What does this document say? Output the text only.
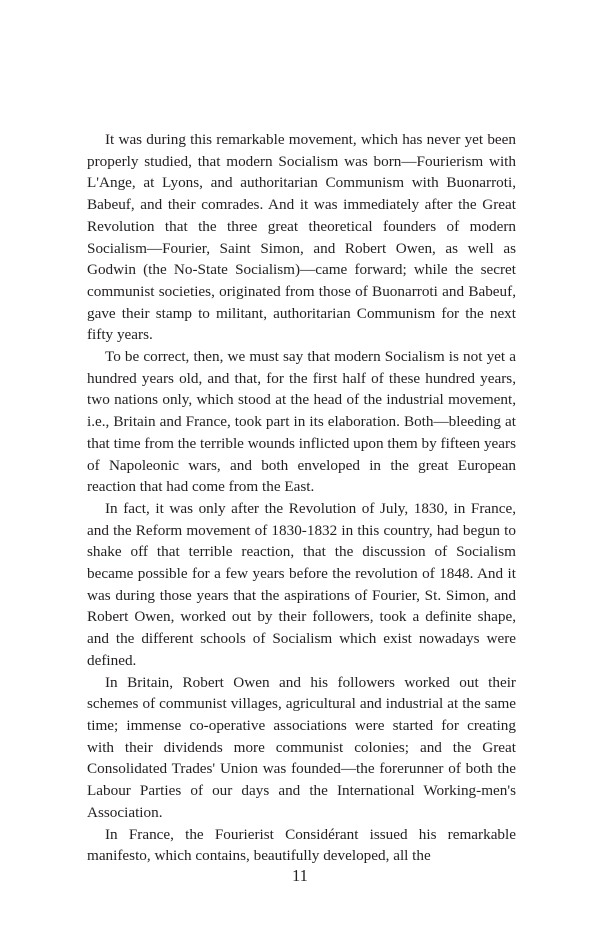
It was during this remarkable movement, which has never yet been properly studied, that modern Socialism was born—Fourierism with L'Ange, at Lyons, and authoritarian Communism with Buonarroti, Babeuf, and their comrades. And it was immediately after the Great Revolution that the three great theoretical founders of modern Socialism—Fourier, Saint Simon, and Robert Owen, as well as Godwin (the No-State Socialism)—came forward; while the secret communist societies, originated from those of Buonarroti and Babeuf, gave their stamp to militant, authoritarian Communism for the next fifty years.

To be correct, then, we must say that modern Socialism is not yet a hundred years old, and that, for the first half of these hundred years, two nations only, which stood at the head of the industrial movement, i.e., Britain and France, took part in its elaboration. Both—bleeding at that time from the terrible wounds inflicted upon them by fifteen years of Napoleonic wars, and both enveloped in the great European reaction that had come from the East.

In fact, it was only after the Revolution of July, 1830, in France, and the Reform movement of 1830-1832 in this country, had begun to shake off that terrible reaction, that the discussion of Socialism became possible for a few years before the revolution of 1848. And it was during those years that the aspirations of Fourier, St. Simon, and Robert Owen, worked out by their followers, took a definite shape, and the different schools of Socialism which exist nowadays were defined.

In Britain, Robert Owen and his followers worked out their schemes of communist villages, agricultural and industrial at the same time; immense co-operative associations were started for creating with their dividends more communist colonies; and the Great Consolidated Trades' Union was founded—the forerunner of both the Labour Parties of our days and the International Working-men's Association.

In France, the Fourierist Considérant issued his remarkable manifesto, which contains, beautifully developed, all the

11
